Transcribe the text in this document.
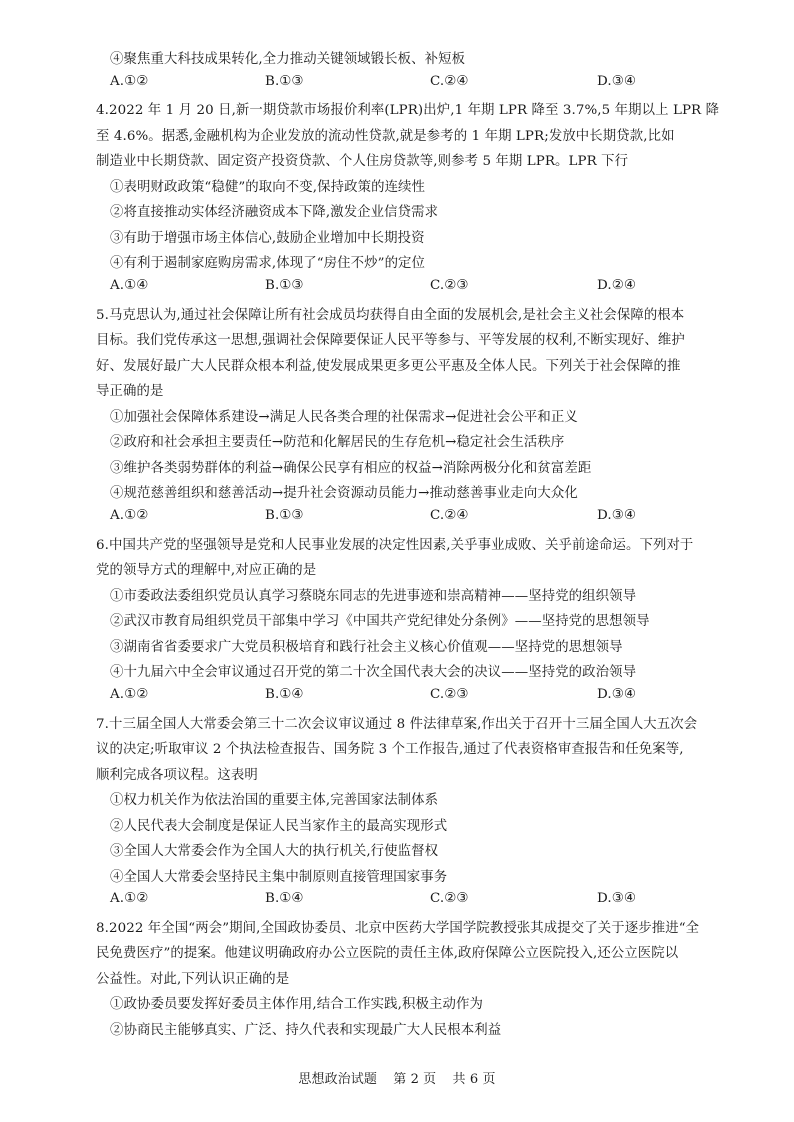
④聚焦重大科技成果转化,全力推动关键领域锻长板、补短板
A.①②	B.①③	C.②④	D.③④
4.2022 年 1 月 20 日,新一期贷款市场报价利率(LPR)出炉,1 年期 LPR 降至 3.7%,5 年期以上 LPR 降
至 4.6%。据悉,金融机构为企业发放的流动性贷款,就是参考的 1 年期 LPR;发放中长期贷款,比如
制造业中长期贷款、固定资产投资贷款、个人住房贷款等,则参考 5 年期 LPR。LPR 下行
①表明财政政策“稳健”的取向不变,保持政策的连续性
②将直接推动实体经济融资成本下降,激发企业信贷需求
③有助于增强市场主体信心,鼓励企业增加中长期投资
④有利于遏制家庭购房需求,体现了“房住不炒”的定位
A.①④	B.①③	C.②③	D.②④
5.马克思认为,通过社会保障让所有社会成员均获得自由全面的发展机会,是社会主义社会保障的根本
目标。我们党传承这一思想,强调社会保障要保证人民平等参与、平等发展的权利,不断实现好、维护
好、发展好最广大人民群众根本利益,使发展成果更多更公平惠及全体人民。下列关于社会保障的推
导正确的是
①加强社会保障体系建设→满足人民各类合理的社保需求→促进社会公平和正义
②政府和社会承担主要责任→防范和化解居民的生存危机→稳定社会生活秩序
③维护各类弱势群体的利益→确保公民享有相应的权益→消除两极分化和贫富差距
④规范慈善组织和慈善活动→提升社会资源动员能力→推动慈善事业走向大众化
A.①②	B.①③	C.②④	D.③④
6.中国共产党的坚强领导是党和人民事业发展的决定性因素,关乎事业成败、关乎前途命运。下列对于
党的领导方式的理解中,对应正确的是
①市委政法委组织党员认真学习蔡晓东同志的先进事迹和崇高精神——坚持党的组织领导
②武汉市教育局组织党员干部集中学习《中国共产党纪律处分条例》——坚持党的思想领导
③湖南省省委要求广大党员积极培育和践行社会主义核心价值观——坚持党的思想领导
④十九届六中全会审议通过召开党的第二十次全国代表大会的决议——坚持党的政治领导
A.①②	B.①④	C.②③	D.③④
7.十三届全国人大常委会第三十二次会议审议通过 8 件法律草案,作出关于召开十三届全国人大五次会
议的决定;听取审议 2 个执法检查报告、国务院 3 个工作报告,通过了代表资格审查报告和任免案等,
顺利完成各项议程。这表明
①权力机关作为依法治国的重要主体,完善国家法制体系
②人民代表大会制度是保证人民当家作主的最高实现形式
③全国人大常委会作为全国人大的执行机关,行使监督权
④全国人大常委会坚持民主集中制原则直接管理国家事务
A.①②	B.①④	C.②③	D.③④
8.2022 年全国“两会”期间,全国政协委员、北京中医药大学国学院教授张其成提交了关于逐步推进“全
民免费医疗”的提案。他建议明确政府办公立医院的责任主体,政府保障公立医院投入,还公立医院以
公益性。对此,下列认识正确的是
①政协委员要发挥好委员主体作用,结合工作实践,积极主动作为
②协商民主能够真实、广泛、持久代表和实现最广大人民根本利益
思想政治试题 第 2 页 共 6 页
